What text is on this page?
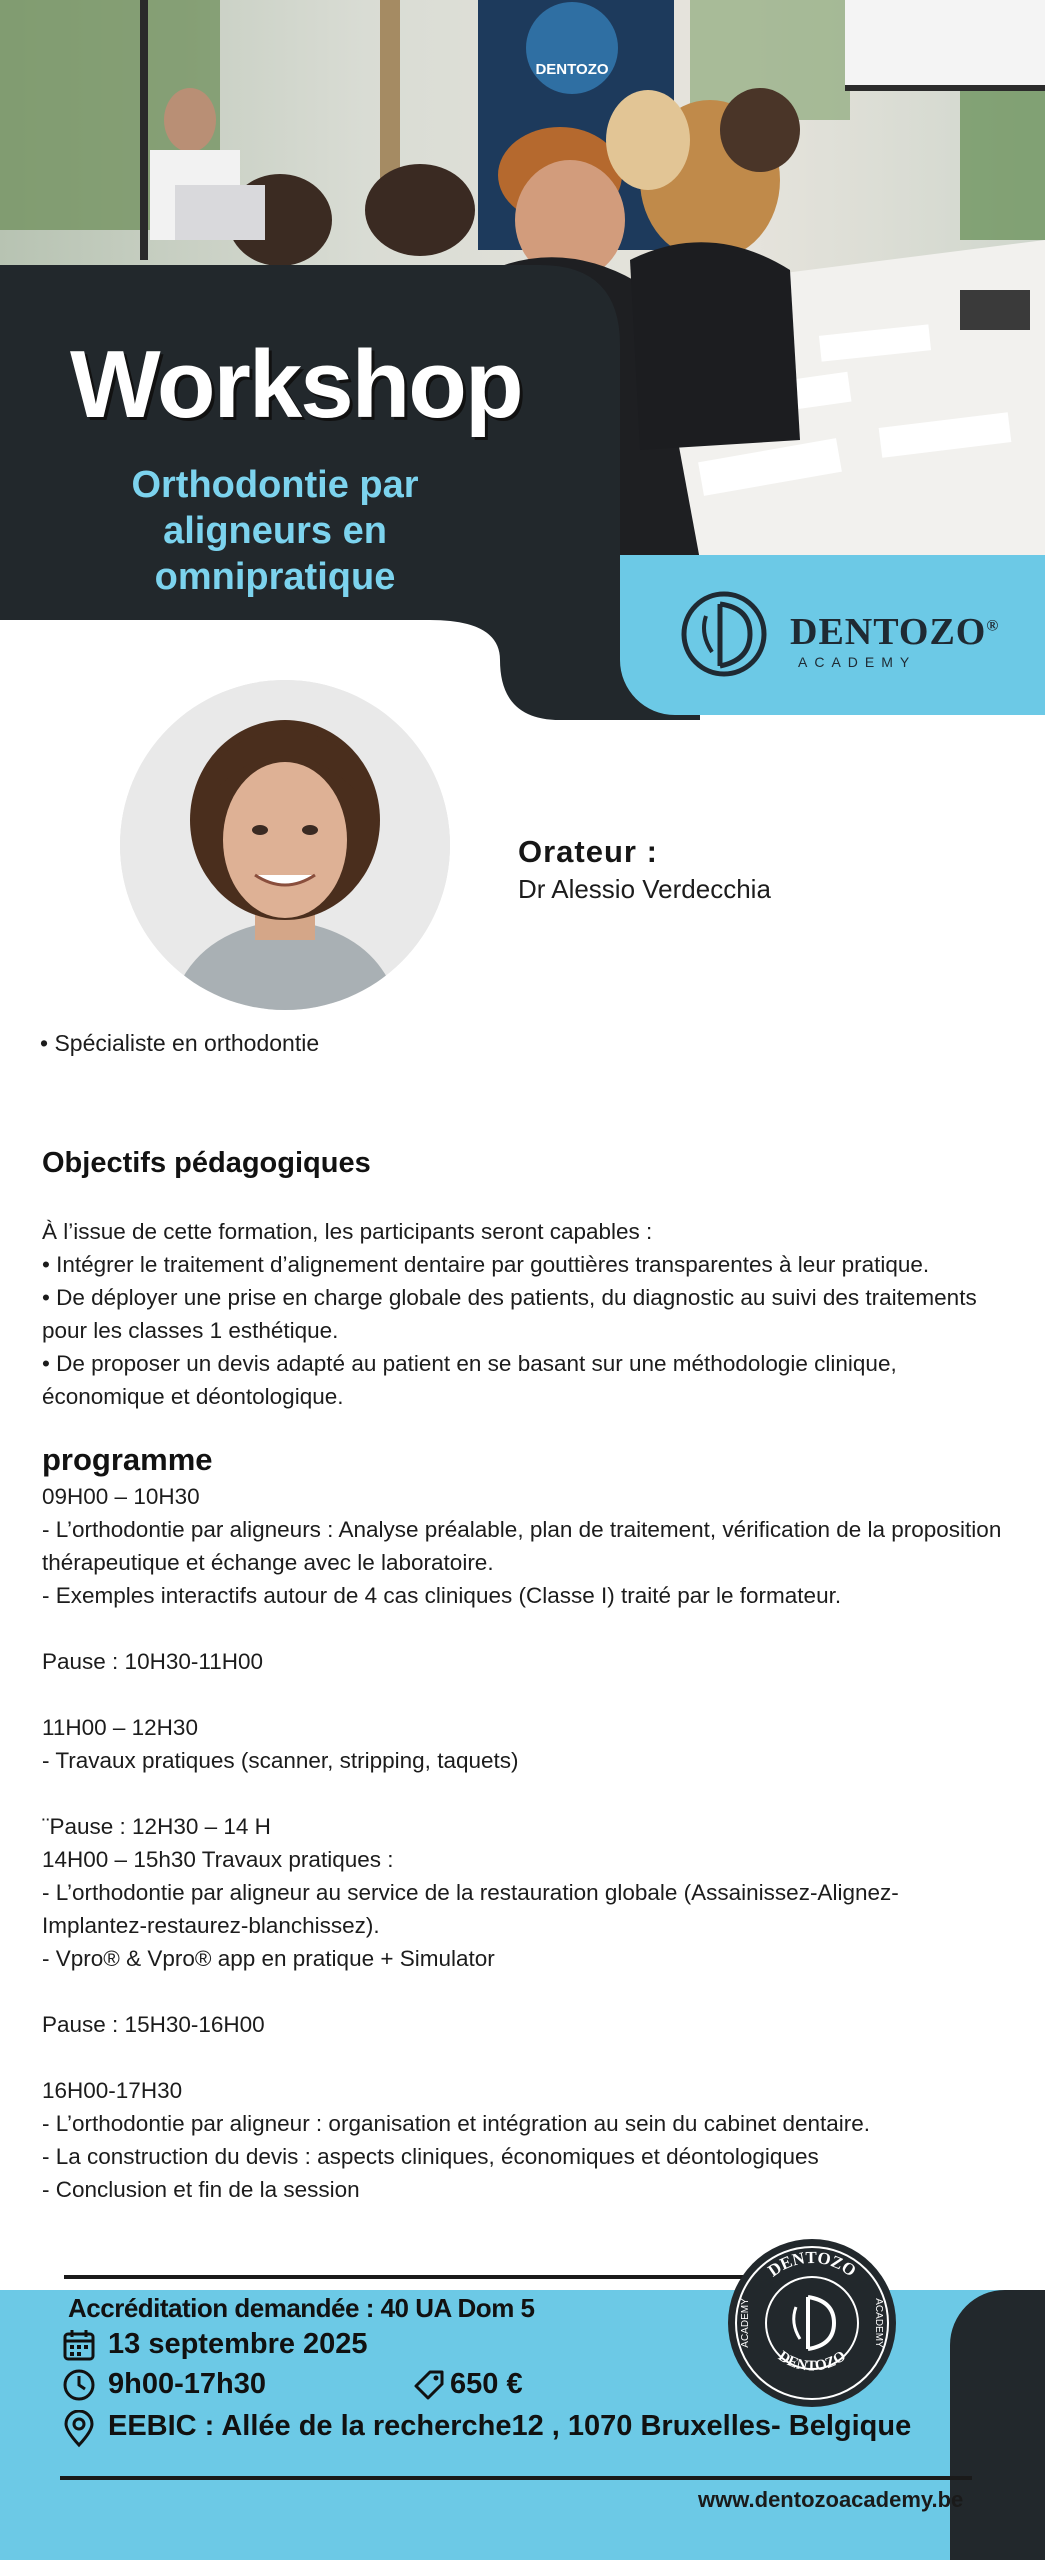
DENTOZO
Workshop
Orthodontie par
aligneurs en
omnipratique
DENTOZO®
ACADEMY
Orateur :
Dr Alessio Verdecchia
• Spécialiste en orthodontie
Objectifs pédagogiques

À l’issue de cette formation, les participants seront capables :

• Intégrer le traitement d’alignement dentaire par gouttières transparentes à leur pratique.

• De déployer une prise en charge globale des patients, du diagnostic au suivi des traitements pour les classes 1 esthétique.

• De proposer un devis adapté au patient en se basant sur une méthodologie clinique, économique et déontologique.

programme

09H00 – 10H30

- L’orthodontie par aligneurs : Analyse préalable, plan de traitement, vérification de la proposition thérapeutique et échange avec le laboratoire.

- Exemples interactifs autour de 4 cas cliniques (Classe I) traité par le formateur.

Pause : 10H30-11H00

11H00 – 12H30

- Travaux pratiques (scanner, stripping, taquets)

¨Pause : 12H30 – 14 H

14H00 – 15h30 Travaux pratiques :

- L’orthodontie par aligneur au service de la restauration globale (Assainissez-Alignez-Implantez-restaurez-blanchissez).

- Vpro® & Vpro® app en pratique + Simulator

Pause : 15H30-16H00

16H00-17H30

- L’orthodontie par aligneur : organisation et intégration au sein du cabinet dentaire.

- La construction du devis : aspects cliniques, économiques et déontologiques

- Conclusion et fin de la session

DENTOZO
DENTOZO
ACADEMY	ACADEMY
Accréditation demandée : 40 UA Dom 5
13 septembre 2025
9h00-17h30	650 €
EEBIC : Allée de la recherche12 , 1070 Bruxelles- Belgique
www.dentozoacademy.be
